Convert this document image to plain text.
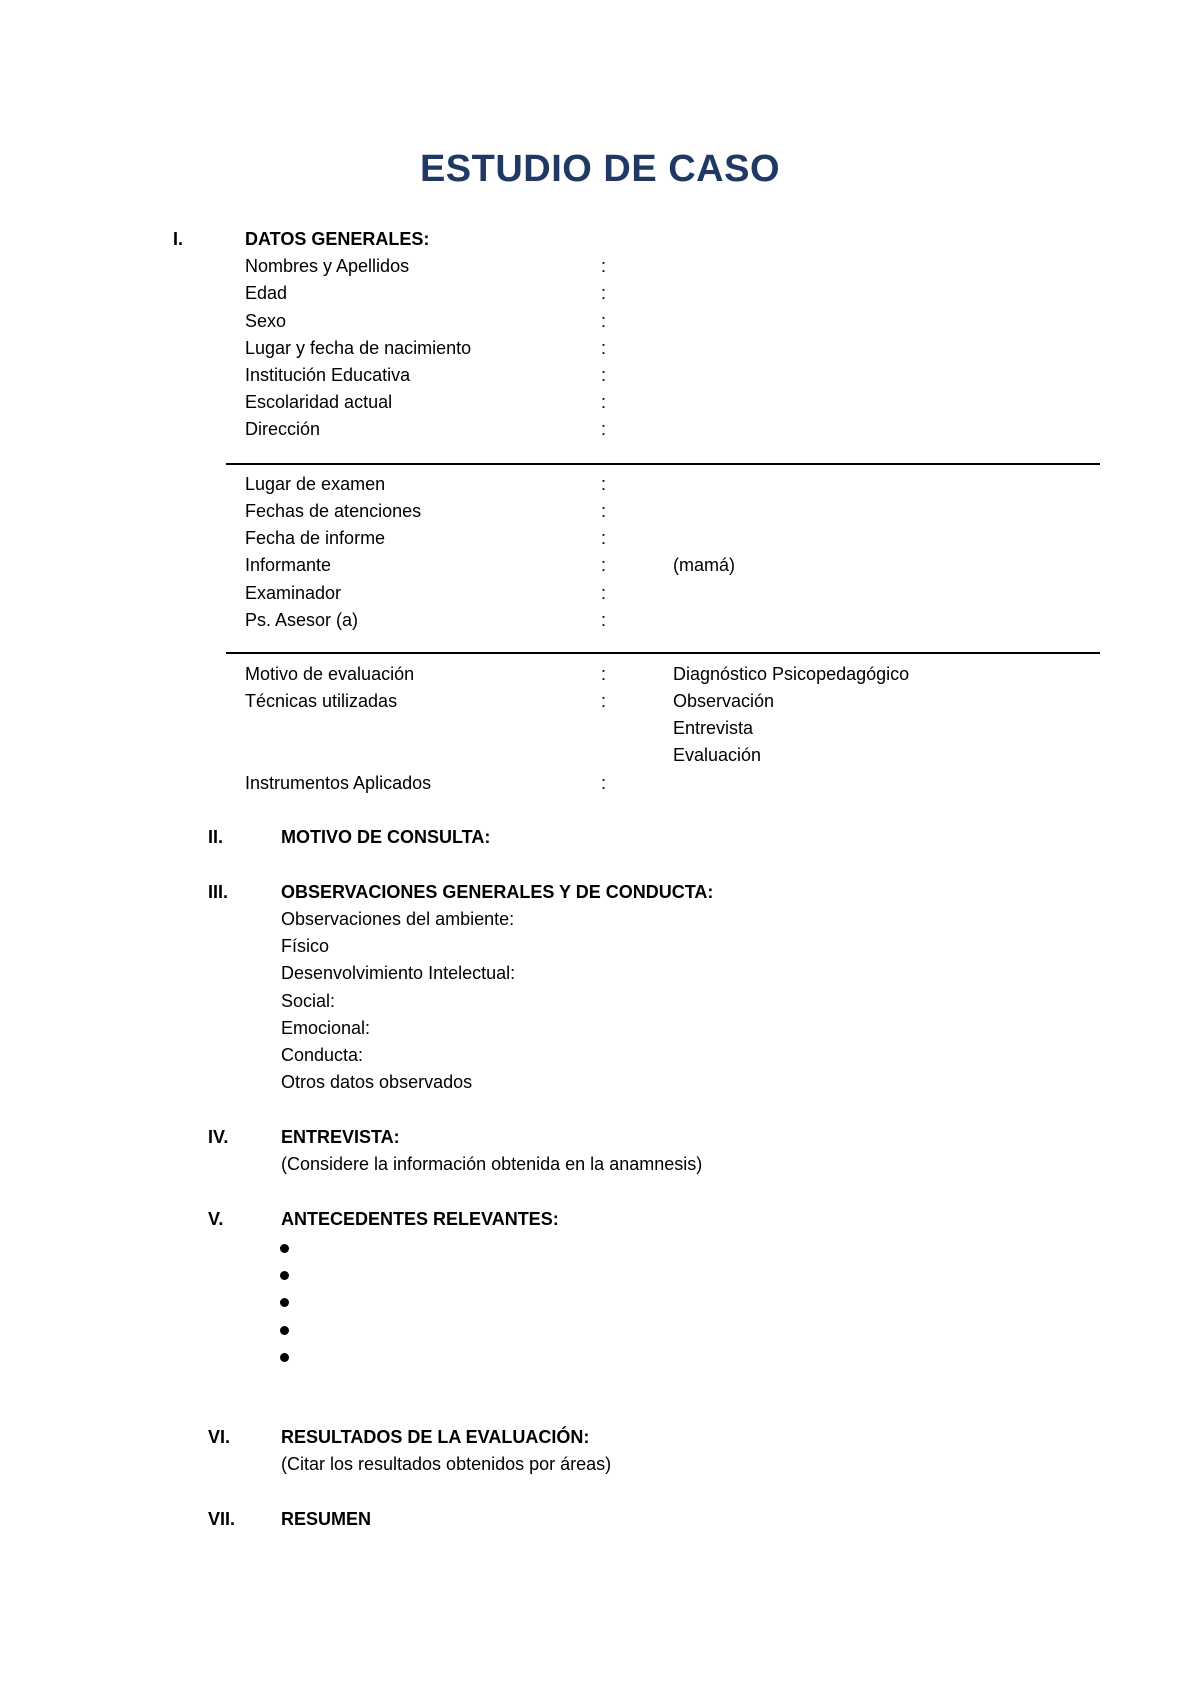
ESTUDIO DE CASO
I.	DATOS GENERALES:
Nombres y Apellidos	:
Edad	:
Sexo	:
Lugar y fecha de nacimiento	:
Institución Educativa	:
Escolaridad actual	:
Dirección	:
Lugar de examen	:
Fechas de atenciones	:
Fecha de informe	:
Informante	:	(mamá)
Examinador	:
Ps. Asesor (a)	:
Motivo de evaluación	:	Diagnóstico Psicopedagógico
Técnicas utilizadas	:	Observación
Entrevista
Evaluación
Instrumentos Aplicados	:
II.	MOTIVO DE CONSULTA:
III.	OBSERVACIONES GENERALES Y DE CONDUCTA:
Observaciones del ambiente:
Físico
Desenvolvimiento Intelectual:
Social:
Emocional:
Conducta:
Otros datos observados
IV.	ENTREVISTA:
(Considere la información obtenida en la anamnesis)
V.	ANTECEDENTES RELEVANTES:
VI.	RESULTADOS DE LA EVALUACIÓN:
(Citar los resultados obtenidos por áreas)
VII.	RESUMEN
